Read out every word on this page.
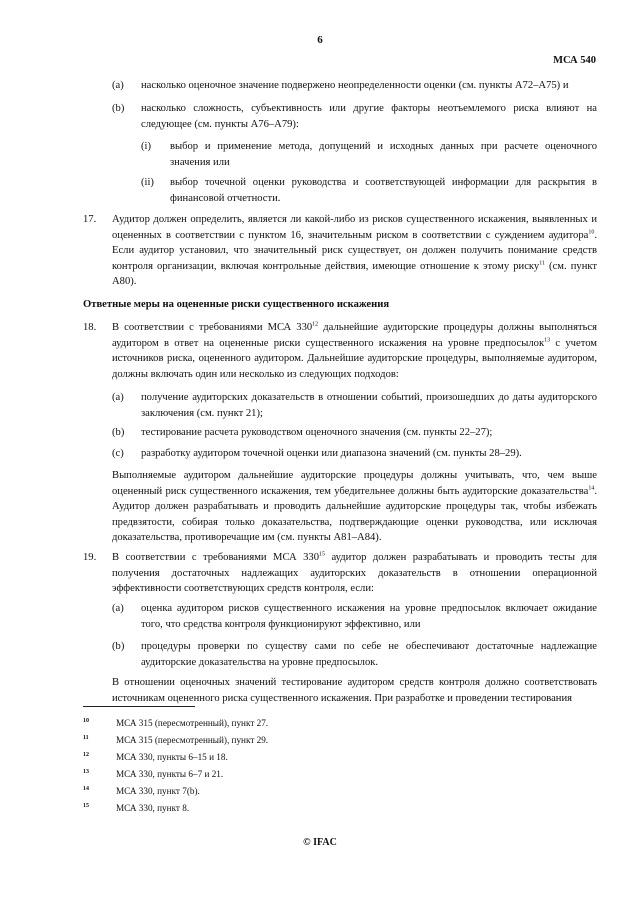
6
МСА 540
(a) насколько оценочное значение подвержено неопределенности оценки (см. пункты А72–А75) и
(b) насколько сложность, субъективность или другие факторы неотъемлемого риска влияют на следующее (см. пункты А76–А79):
(i) выбор и применение метода, допущений и исходных данных при расчете оценочного значения или
(ii) выбор точечной оценки руководства и соответствующей информации для раскрытия в финансовой отчетности.
17. Аудитор должен определить, является ли какой-либо из рисков существенного искажения, выявленных и оцененных в соответствии с пунктом 16, значительным риском в соответствии с суждением аудитора$^{10}$. Если аудитор установил, что значительный риск существует, он должен получить понимание средств контроля организации, включая контрольные действия, имеющие отношение к этому риску$^{11}$ (см. пункт А80).
Ответные меры на оцененные риски существенного искажения
18. В соответствии с требованиями МСА $330^{12}$ дальнейшие аудиторские процедуры должны выполняться аудитором в ответ на оцененные риски существенного искажения на уровне предпосылок$^{13}$ с учетом источников риска, оцененного аудитором. Дальнейшие аудиторские процедуры, выполняемые аудитором, должны включать один или несколько из следующих подходов:
(a) получение аудиторских доказательств в отношении событий, произошедших до даты аудиторского заключения (см. пункт 21);
(b) тестирование расчета руководством оценочного значения (см. пункты 22–27);
(c) разработку аудитором точечной оценки или диапазона значений (см. пункты 28–29).
Выполняемые аудитором дальнейшие аудиторские процедуры должны учитывать, что, чем выше оцененный риск существенного искажения, тем убедительнее должны быть аудиторские доказательства$^{14}$. Аудитор должен разрабатывать и проводить дальнейшие аудиторские процедуры так, чтобы избежать предвзятости, собирая только доказательства, подтверждающие оценки руководства, или исключая доказательства, противоречащие им (см. пункты А81–А84).
19. В соответствии с требованиями МСА $330^{15}$ аудитор должен разрабатывать и проводить тесты для получения достаточных надлежащих аудиторских доказательств в отношении операционной эффективности соответствующих средств контроля, если:
(a) оценка аудитором рисков существенного искажения на уровне предпосылок включает ожидание того, что средства контроля функционируют эффективно, или
(b) процедуры проверки по существу сами по себе не обеспечивают достаточные надлежащие аудиторские доказательства на уровне предпосылок.
В отношении оценочных значений тестирование аудитором средств контроля должно соответствовать источникам оцененного риска существенного искажения. При разработке и проведении тестирования
10	МСА 315 (пересмотренный), пункт 27.
11	МСА 315 (пересмотренный), пункт 29.
12	МСА 330, пункты 6–15 и 18.
13	МСА 330, пункты 6–7 и 21.
14	МСА 330, пункт 7(b).
15	МСА 330, пункт 8.
© IFAC
